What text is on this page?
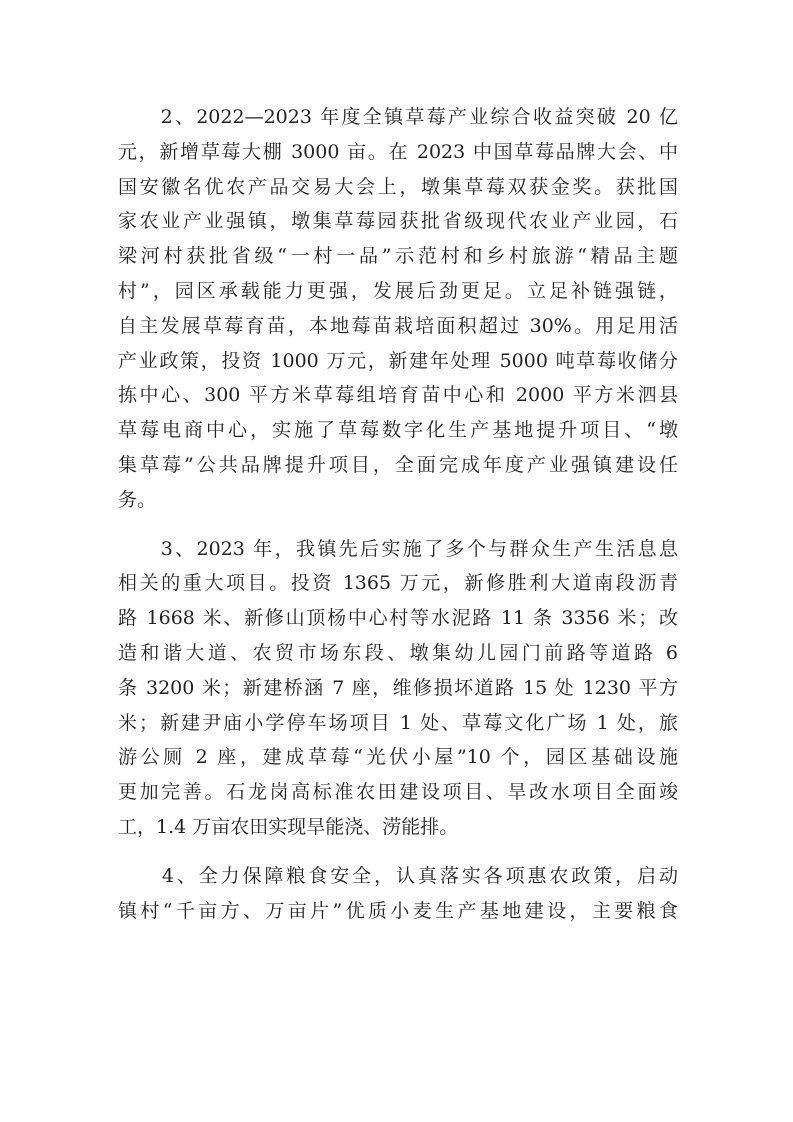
　　2、2022—2023 年度全镇草莓产业综合收益突破 20 亿
元，新增草莓大棚 3000 亩。在 2023 中国草莓品牌大会、中
国安徽名优农产品交易大会上，墩集草莓双获金奖。获批国
家农业产业强镇，墩集草莓园获批省级现代农业产业园，石
梁河村获批省级“一村一品”示范村和乡村旅游“精品主题
村”，园区承载能力更强，发展后劲更足。立足补链强链，
自主发展草莓育苗，本地莓苗栽培面积超过 30%。用足用活
产业政策，投资 1000 万元，新建年处理 5000 吨草莓收储分
拣中心、300 平方米草莓组培育苗中心和 2000 平方米泗县
草莓电商中心，实施了草莓数字化生产基地提升项目、“墩
集草莓”公共品牌提升项目，全面完成年度产业强镇建设任
务。
　　3、2023 年，我镇先后实施了多个与群众生产生活息息
相关的重大项目。投资 1365 万元，新修胜利大道南段沥青
路 1668 米、新修山顶杨中心村等水泥路 11 条 3356 米；改
造和谐大道、农贸市场东段、墩集幼儿园门前路等道路 6
条 3200 米；新建桥涵 7 座，维修损坏道路 15 处 1230 平方
米；新建尹庙小学停车场项目 1 处、草莓文化广场 1 处，旅
游公厕 2 座，建成草莓“光伏小屋”10 个，园区基础设施
更加完善。石龙岗高标准农田建设项目、旱改水项目全面竣
工，1.4 万亩农田实现旱能浇、涝能排。
　　4、全力保障粮食安全，认真落实各项惠农政策，启动
镇村“千亩方、万亩片”优质小麦生产基地建设，主要粮食
